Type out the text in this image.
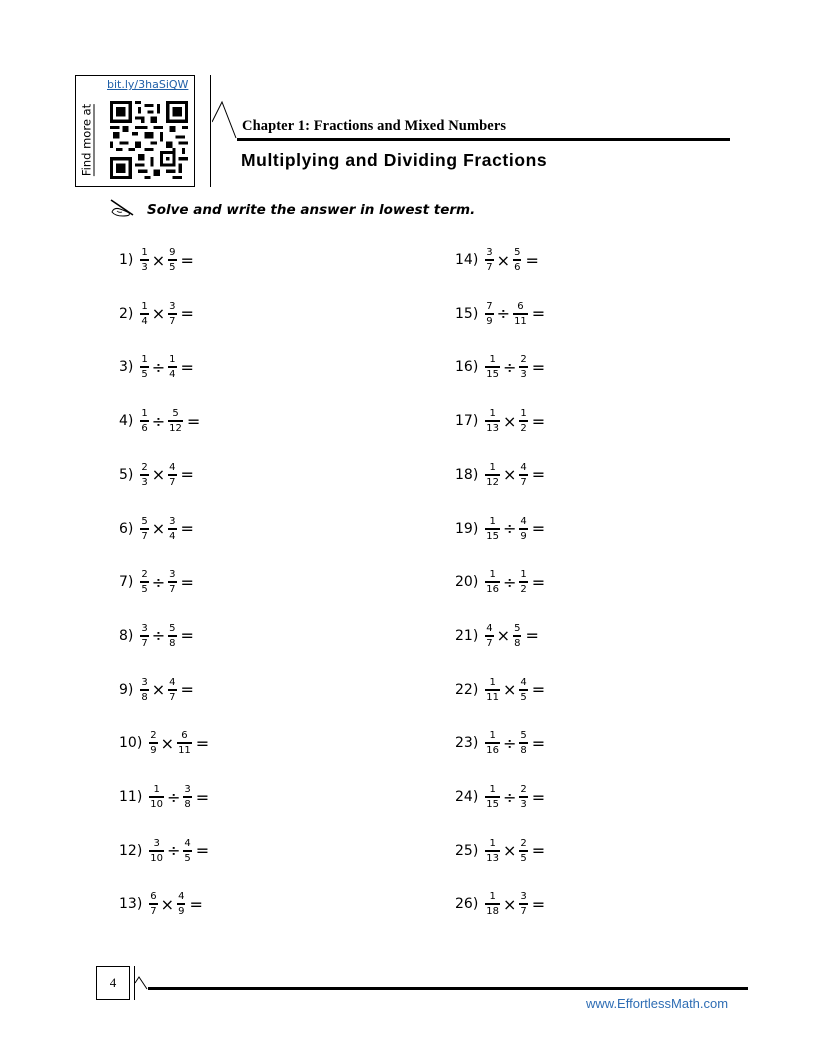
bit.ly/3haSiQW
Find more at	Chapter 1: Fractions and Mixed Numbers
Multiplying and Dividing Fractions
Solve and write the answer in lowest term.
$1) \frac{1}{3} \times \frac{9}{5}$ =
$2) \frac{1}{4} \times \frac{3}{7}$ =
$3) \frac{1}{5} \div \frac{1}{4}$ =
$4) \frac{1}{6} \div \frac{5}{12}$ =
$5) \frac{2}{3} \times \frac{4}{7}$ =
$6) \frac{5}{7} \times \frac{3}{4}$ =
$7) \frac{2}{5} \div \frac{3}{7}$ =
$8) \frac{3}{7} \div \frac{5}{8}$ =
$9) \frac{3}{8} \times \frac{4}{7}$ =
$10) \frac{2}{9} \times \frac{6}{11}$ =
$11) \frac{1}{10} \div \frac{3}{8}$ =
$12) \frac{3}{10} \div \frac{4}{5}$ =
$13) \frac{6}{7} \times \frac{4}{9}$ =
$14) \frac{3}{7} \times \frac{5}{6}$ =
$15) \frac{7}{9} \div \frac{6}{11}$ =
$16) \frac{1}{15} \div \frac{2}{3}$ =
$17) \frac{1}{13} \times \frac{1}{2}$ =
$18) \frac{1}{12} \times \frac{4}{7}$ =
$19) \frac{1}{15} \div \frac{4}{9}$ =
$20) \frac{1}{16} \div \frac{1}{2}$ =
$21) \frac{4}{7} \times \frac{5}{8}$ =
$22) \frac{1}{11} \times \frac{4}{5}$ =
$23) \frac{1}{16} \div \frac{5}{8}$ =
$24) \frac{1}{15} \div \frac{2}{3}$ =
$25) \frac{1}{13} \times \frac{2}{5}$ =
$26) \frac{1}{18} \times \frac{3}{7}$ =
4
www.EffortlessMath.com
